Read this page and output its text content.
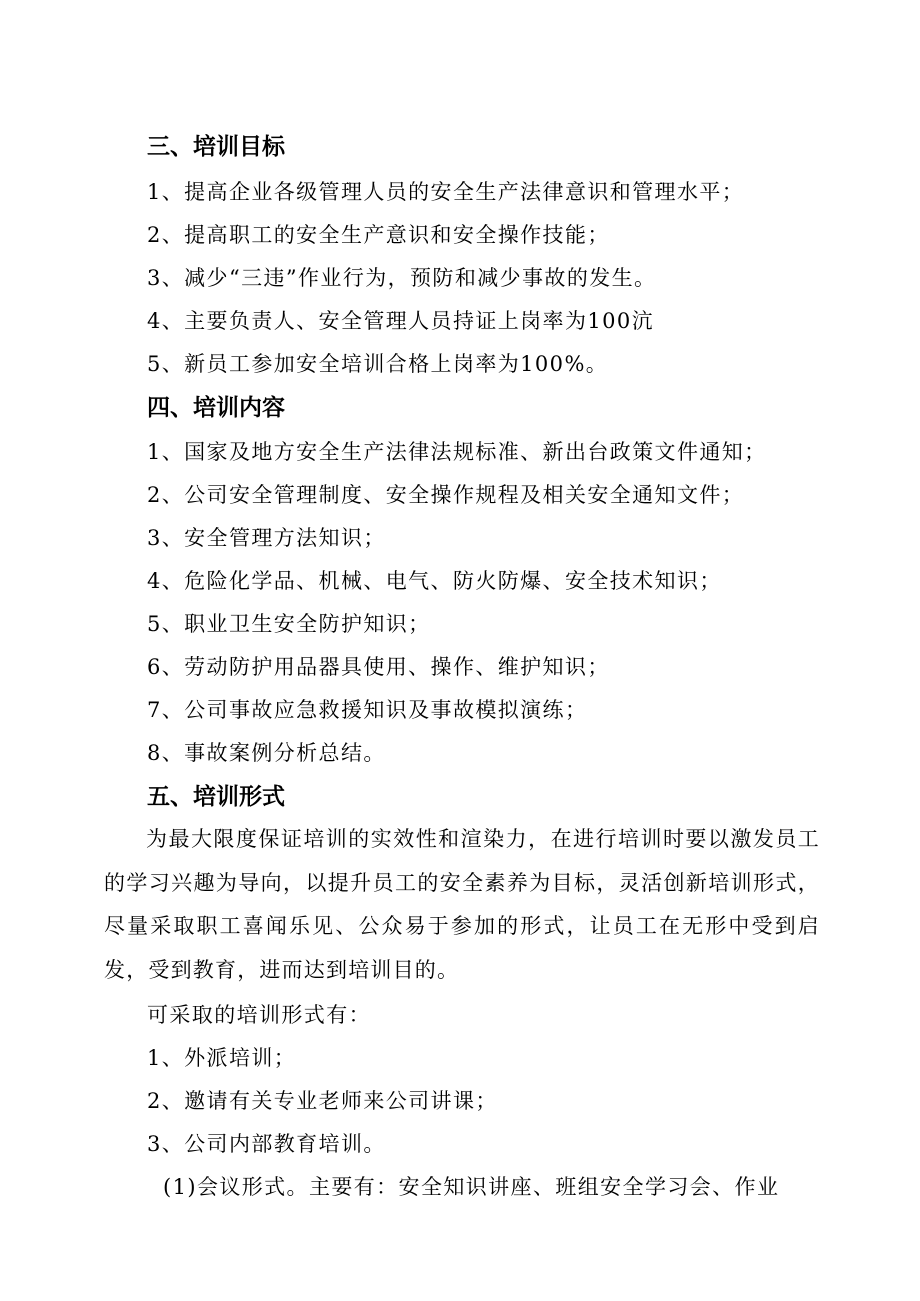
三、培训目标
1、提高企业各级管理人员的安全生产法律意识和管理水平；
2、提高职工的安全生产意识和安全操作技能；
3、减少“三违”作业行为，预防和减少事故的发生。
4、主要负责人、安全管理人员持证上岗率为100沆
5、新员工参加安全培训合格上岗率为100%。
四、培训内容
1、国家及地方安全生产法律法规标准、新出台政策文件通知；
2、公司安全管理制度、安全操作规程及相关安全通知文件；
3、安全管理方法知识；
4、危险化学品、机械、电气、防火防爆、安全技术知识；
5、职业卫生安全防护知识；
6、劳动防护用品器具使用、操作、维护知识；
7、公司事故应急救援知识及事故模拟演练；
8、事故案例分析总结。
五、培训形式
为最大限度保证培训的实效性和渲染力，在进行培训时要以激发员工的学习兴趣为导向，以提升员工的安全素养为目标，灵活创新培训形式，尽量采取职工喜闻乐见、公众易于参加的形式，让员工在无形中受到启发，受到教育，进而达到培训目的。
可采取的培训形式有：
1、外派培训；
2、邀请有关专业老师来公司讲课；
3、公司内部教育培训。
(1)会议形式。主要有：安全知识讲座、班组安全学习会、作业
